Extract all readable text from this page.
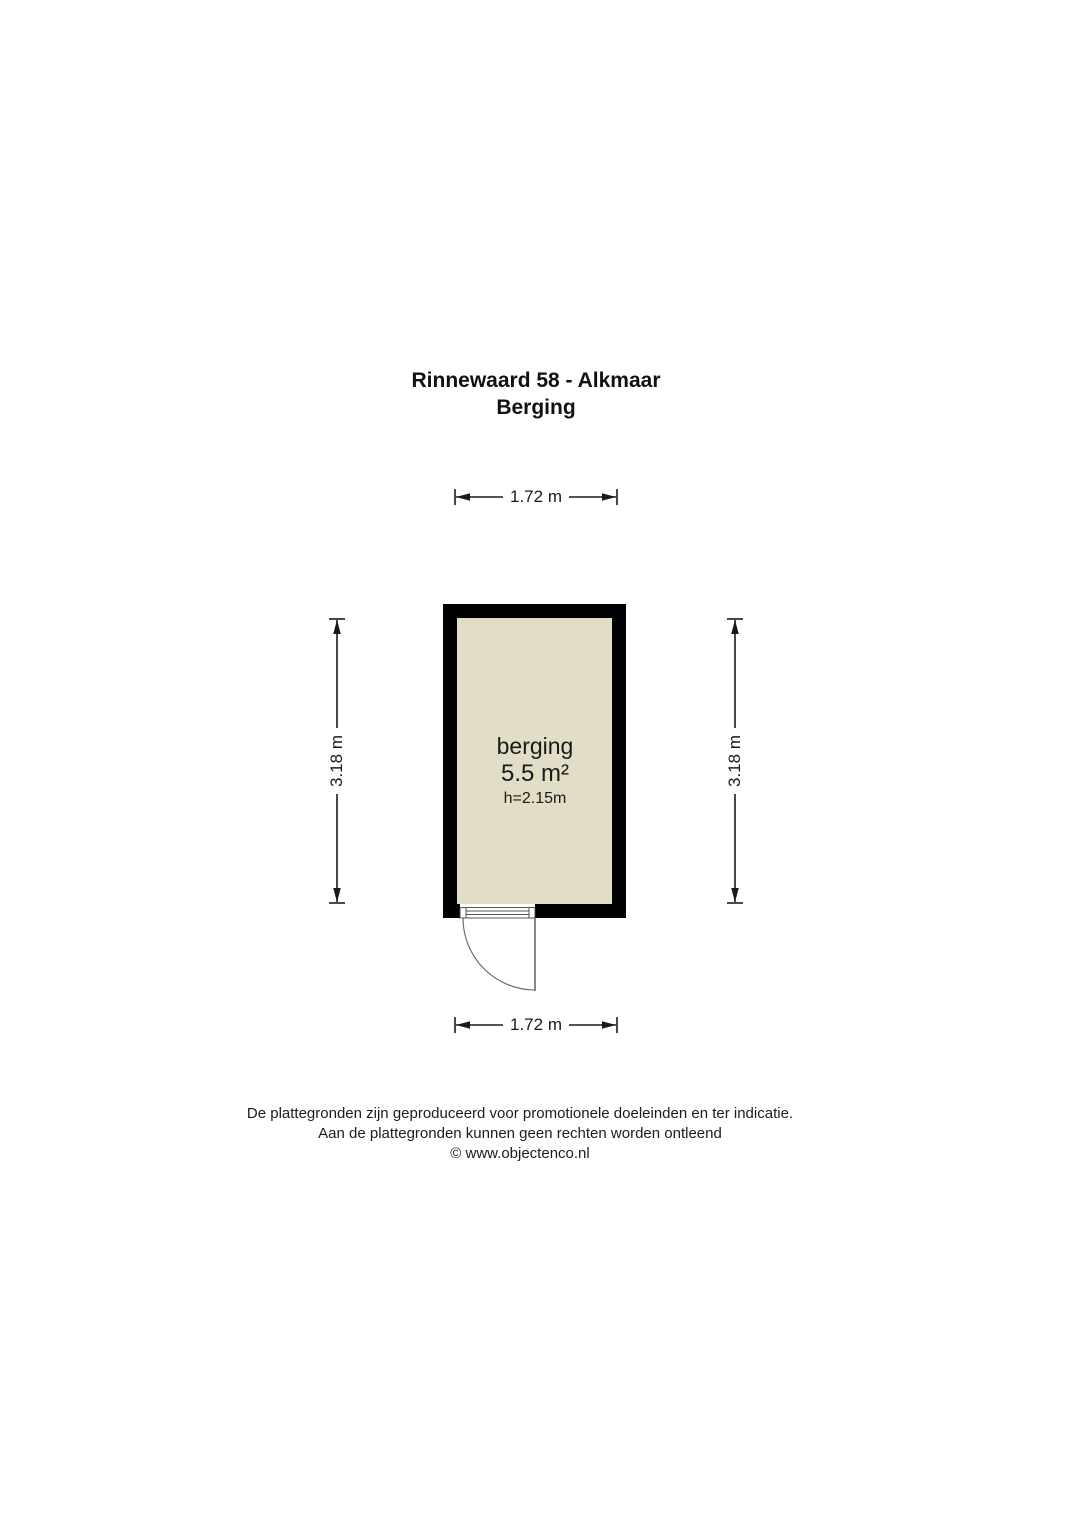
Rinnewaard 58 - Alkmaar
Berging
1.72 m
3.18 m	3.18 m
berging
5.5 m²
h=2.15m
1.72 m
De plattegronden zijn geproduceerd voor promotionele doeleinden en ter indicatie.
Aan de plattegronden kunnen geen rechten worden ontleend
© www.objectenco.nl
